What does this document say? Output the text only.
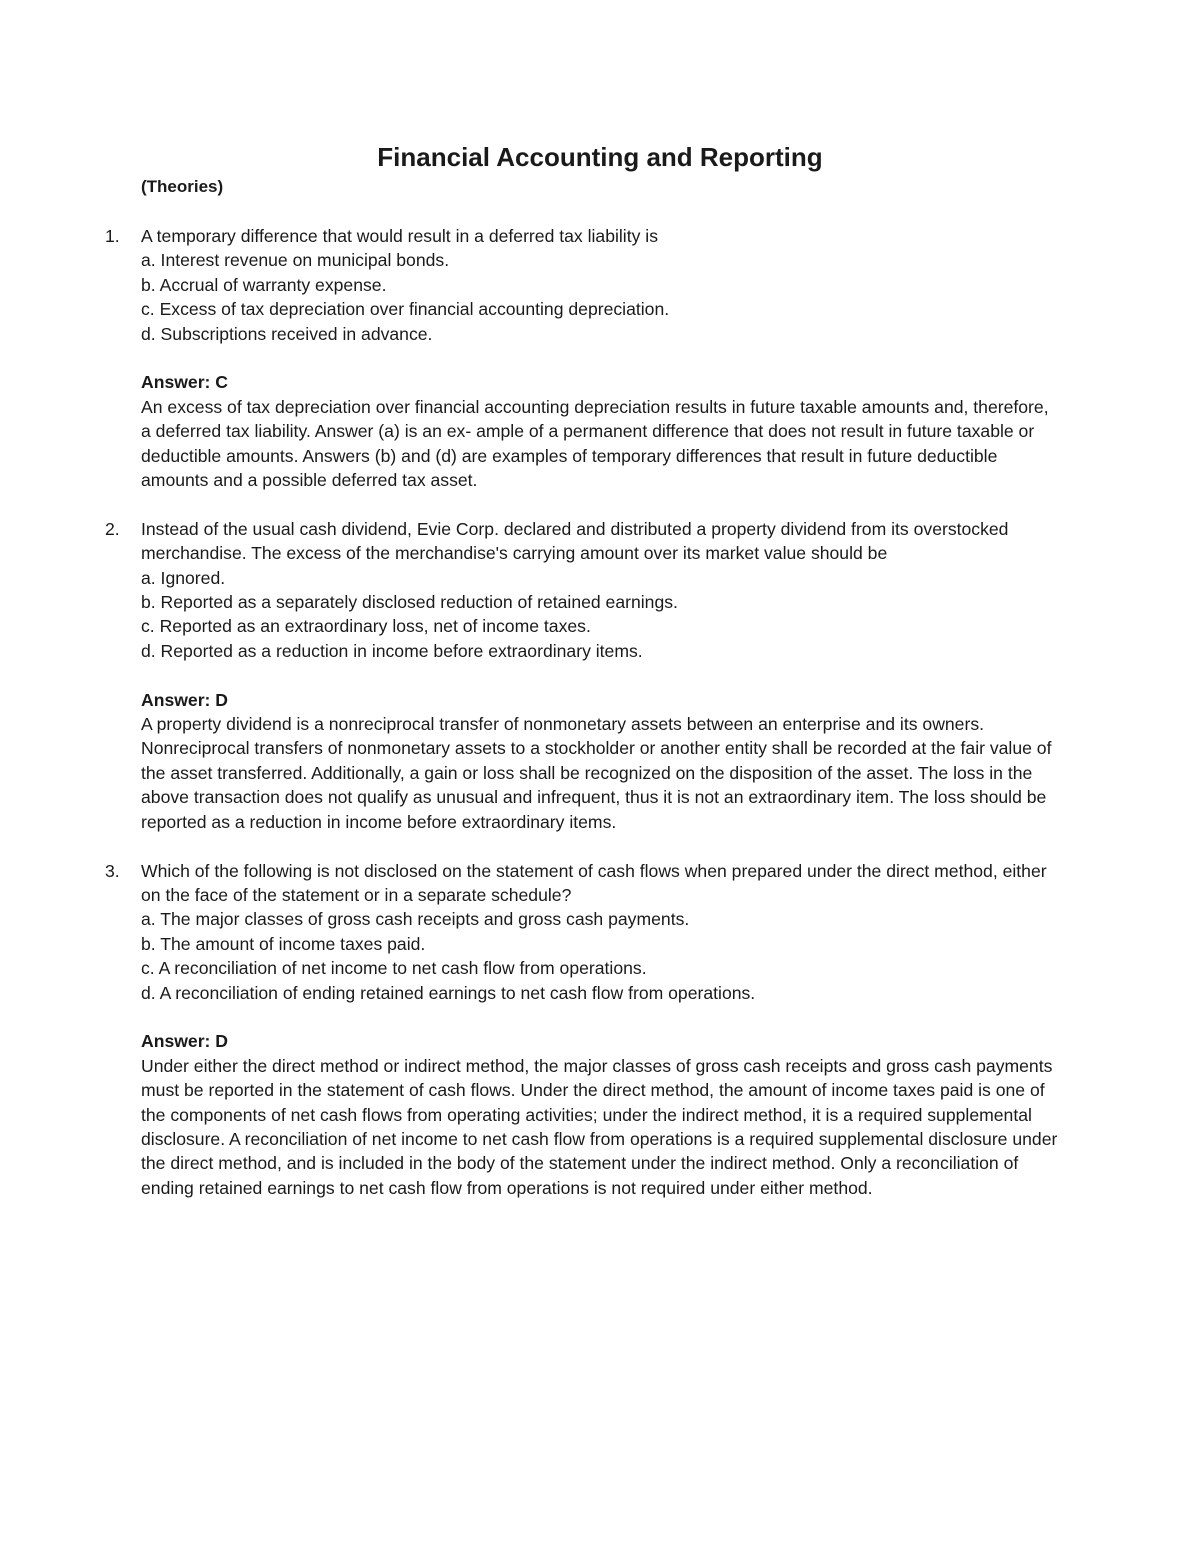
Financial Accounting and Reporting

(Theories)

1.	A temporary difference that would result in a deferred tax liability is

a. Interest revenue on municipal bonds.

b. Accrual of warranty expense.

c. Excess of tax depreciation over financial accounting depreciation.

d. Subscriptions received in advance.

Answer: C

An excess of tax depreciation over financial accounting depreciation results in future taxable amounts and, therefore, a deferred tax liability. Answer (a) is an ex- ample of a permanent difference that does not result in future taxable or deductible amounts. Answers (b) and (d) are examples of temporary differences that result in future deductible amounts and a possible deferred tax asset.

2.	Instead of the usual cash dividend, Evie Corp. declared and distributed a property dividend from its overstocked merchandise. The excess of the merchandise's carrying amount over its market value should be

a. Ignored.

b. Reported as a separately disclosed reduction of retained earnings.

c. Reported as an extraordinary loss, net of income taxes.

d. Reported as a reduction in income before extraordinary items.

Answer: D

A property dividend is a nonreciprocal transfer of nonmonetary assets between an enterprise and its owners. Nonreciprocal transfers of nonmonetary assets to a stockholder or another entity shall be recorded at the fair value of the asset transferred. Additionally, a gain or loss shall be recognized on the disposition of the asset. The loss in the above transaction does not qualify as unusual and infrequent, thus it is not an extraordinary item. The loss should be reported as a reduction in income before extraordinary items.

3.	Which of the following is not disclosed on the statement of cash flows when prepared under the direct method, either on the face of the statement or in a separate schedule?

a. The major classes of gross cash receipts and gross cash payments.

b. The amount of income taxes paid.

c. A reconciliation of net income to net cash flow from operations.

d. A reconciliation of ending retained earnings to net cash flow from operations.

Answer: D

Under either the direct method or indirect method, the major classes of gross cash receipts and gross cash payments must be reported in the statement of cash flows. Under the direct method, the amount of income taxes paid is one of the components of net cash flows from operating activities; under the indirect method, it is a required supplemental disclosure. A reconciliation of net income to net cash flow from operations is a required supplemental disclosure under the direct method, and is included in the body of the statement under the indirect method. Only a reconciliation of ending retained earnings to net cash flow from operations is not required under either method.
